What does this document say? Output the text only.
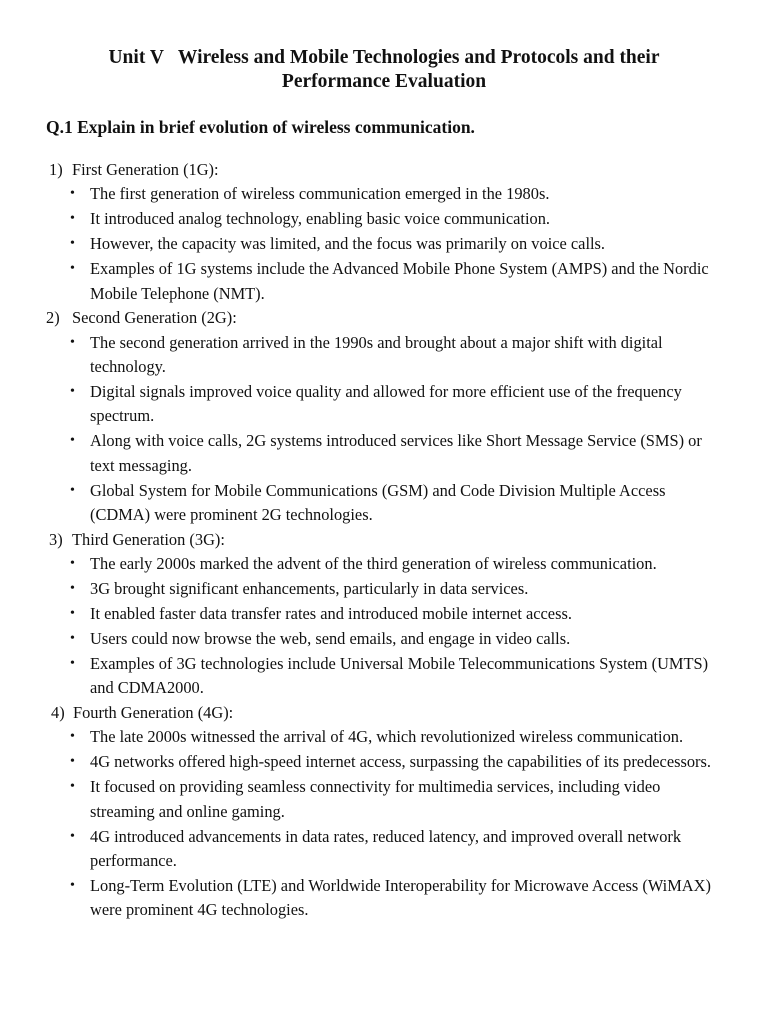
Unit V Wireless and Mobile Technologies and Protocols and their
Performance Evaluation
Q.1 Explain in brief evolution of wireless communication.
1) First Generation (1G):
• The first generation of wireless communication emerged in the 1980s.
• It introduced analog technology, enabling basic voice communication.
• However, the capacity was limited, and the focus was primarily on voice calls.
• Examples of 1G systems include the Advanced Mobile Phone System (AMPS) and the Nordic Mobile Telephone (NMT).
2) Second Generation (2G):
• The second generation arrived in the 1990s and brought about a major shift with digital technology.
• Digital signals improved voice quality and allowed for more efficient use of the frequency spectrum.
• Along with voice calls, 2G systems introduced services like Short Message Service (SMS) or text messaging.
• Global System for Mobile Communications (GSM) and Code Division Multiple Access (CDMA) were prominent 2G technologies.
3) Third Generation (3G):
• The early 2000s marked the advent of the third generation of wireless communication.
• 3G brought significant enhancements, particularly in data services.
• It enabled faster data transfer rates and introduced mobile internet access.
• Users could now browse the web, send emails, and engage in video calls.
• Examples of 3G technologies include Universal Mobile Telecommunications System (UMTS) and CDMA2000.
4) Fourth Generation (4G):
• The late 2000s witnessed the arrival of 4G, which revolutionized wireless communication.
• 4G networks offered high-speed internet access, surpassing the capabilities of its predecessors.
• It focused on providing seamless connectivity for multimedia services, including video streaming and online gaming.
• 4G introduced advancements in data rates, reduced latency, and improved overall network performance.
• Long-Term Evolution (LTE) and Worldwide Interoperability for Microwave Access (WiMAX) were prominent 4G technologies.
